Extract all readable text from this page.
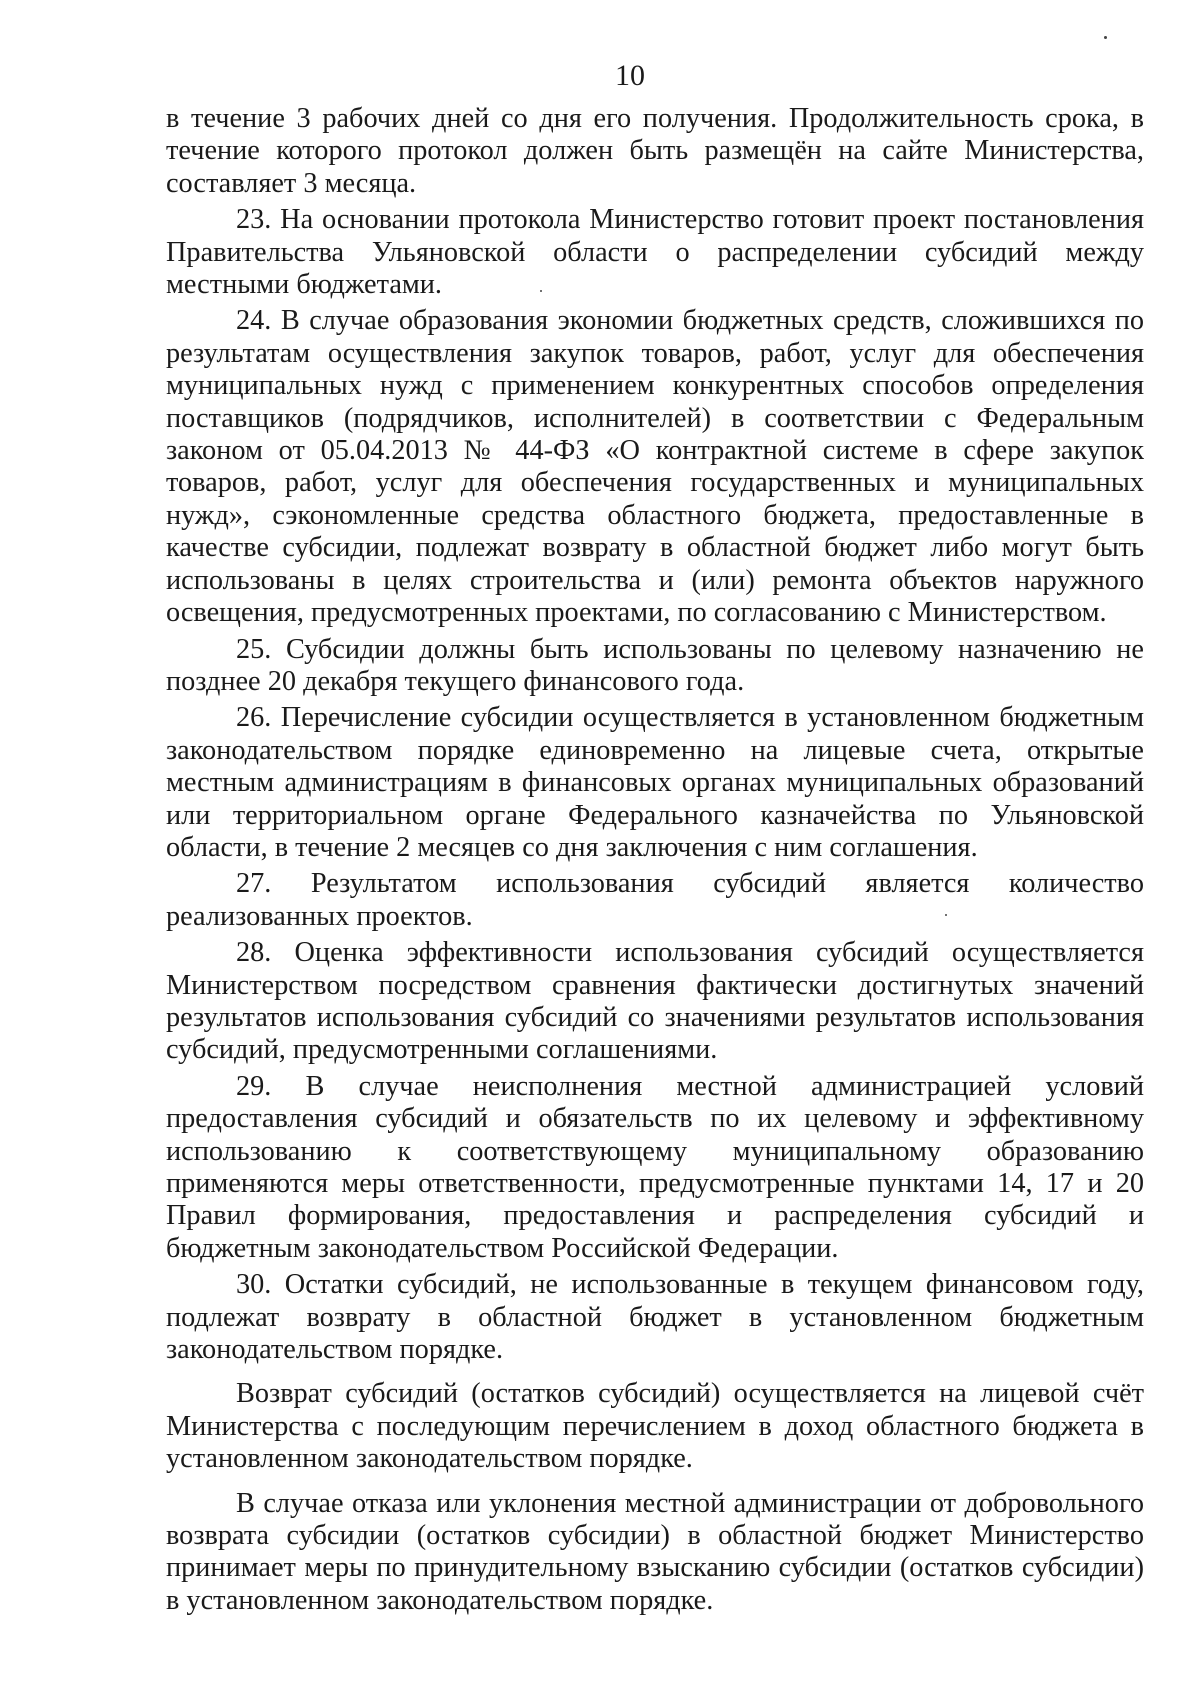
10

в течение 3 рабочих дней со дня его получения. Продолжительность срока, в течение которого протокол должен быть размещён на сайте Министерства, составляет 3 месяца.

23. На основании протокола Министерство готовит проект постановления Правительства Ульяновской области о распределении субсидий между местными бюджетами.

24. В случае образования экономии бюджетных средств, сложившихся по результатам осуществления закупок товаров, работ, услуг для обеспечения муниципальных нужд с применением конкурентных способов определения поставщиков (подрядчиков, исполнителей) в соответствии с Федеральным законом от 05.04.2013 № 44-ФЗ «О контрактной системе в сфере закупок товаров, работ, услуг для обеспечения государственных и муниципальных нужд», сэкономленные средства областного бюджета, предоставленные в качестве субсидии, подлежат возврату в областной бюджет либо могут быть использованы в целях строительства и (или) ремонта объектов наружного освещения, предусмотренных проектами, по согласованию с Министерством.

25. Субсидии должны быть использованы по целевому назначению не позднее 20 декабря текущего финансового года.

26. Перечисление субсидии осуществляется в установленном бюджетным законодательством порядке единовременно на лицевые счета, открытые местным администрациям в финансовых органах муниципальных образований или территориальном органе Федерального казначейства по Ульяновской области, в течение 2 месяцев со дня заключения с ним соглашения.

27. Результатом использования субсидий является количество реализованных проектов.

28. Оценка эффективности использования субсидий осуществляется Министерством посредством сравнения фактически достигнутых значений результатов использования субсидий со значениями результатов использования субсидий, предусмотренными соглашениями.

29. В случае неисполнения местной администрацией условий предоставления субсидий и обязательств по их целевому и эффективному использованию к соответствующему муниципальному образованию применяются меры ответственности, предусмотренные пунктами 14, 17 и 20 Правил формирования, предоставления и распределения субсидий и бюджетным законодательством Российской Федерации.

30. Остатки субсидий, не использованные в текущем финансовом году, подлежат возврату в областной бюджет в установленном бюджетным законодательством порядке.

Возврат субсидий (остатков субсидий) осуществляется на лицевой счёт Министерства с последующим перечислением в доход областного бюджета в установленном законодательством порядке.

В случае отказа или уклонения местной администрации от добровольного возврата субсидии (остатков субсидии) в областной бюджет Министерство принимает меры по принудительному взысканию субсидии (остатков субсидии) в установленном законодательством порядке.
